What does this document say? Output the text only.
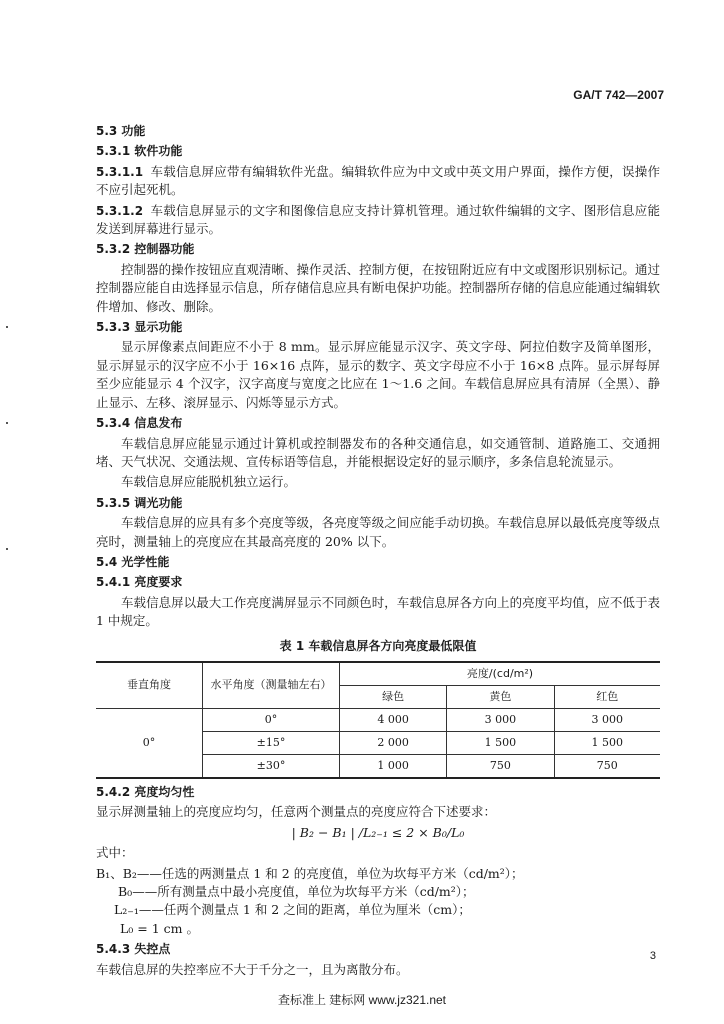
GA/T 742—2007
5.3 功能
5.3.1 软件功能

5.3.1.1 车载信息屏应带有编辑软件光盘。编辑软件应为中文或中英文用户界面，操作方便，误操作不应引起死机。

5.3.1.2 车载信息屏显示的文字和图像信息应支持计算机管理。通过软件编辑的文字、图形信息应能发送到屏幕进行显示。

5.3.2 控制器功能

控制器的操作按钮应直观清晰、操作灵活、控制方便，在按钮附近应有中文或图形识别标记。通过控制器应能自由选择显示信息，所存储信息应具有断电保护功能。控制器所存储的信息应能通过编辑软件增加、修改、删除。

5.3.3 显示功能

显示屏像素点间距应不小于 8 mm。显示屏应能显示汉字、英文字母、阿拉伯数字及简单图形，显示屏显示的汉字应不小于 16×16 点阵，显示的数字、英文字母应不小于 16×8 点阵。显示屏每屏至少应能显示 4 个汉字，汉字高度与宽度之比应在 1～1.6 之间。车载信息屏应具有清屏（全黑）、静止显示、左移、滚屏显示、闪烁等显示方式。

5.3.4 信息发布

车载信息屏应能显示通过计算机或控制器发布的各种交通信息，如交通管制、道路施工、交通拥堵、天气状况、交通法规、宣传标语等信息，并能根据设定好的显示顺序，多条信息轮流显示。

车载信息屏应能脱机独立运行。

5.3.5 调光功能

车载信息屏的应具有多个亮度等级，各亮度等级之间应能手动切换。车载信息屏以最低亮度等级点亮时，测量轴上的亮度应在其最高亮度的 20% 以下。

5.4 光学性能
5.4.1 亮度要求

车载信息屏以最大工作亮度满屏显示不同颜色时，车载信息屏各方向上的亮度平均值，应不低于表 1 中规定。

表 1 车载信息屏各方向亮度最低限值
垂直角度	水平角度（测量轴左右）	亮度/(cd/m²)		
		绿色	黄色	红色
0°	0°	4 000	3 000	3 000
	±15°	2 000	1 500	1 500
	±30°	1 000	750	750
5.4.2 亮度均匀性

显示屏测量轴上的亮度应均匀，任意两个测量点的亮度应符合下述要求：

| B₂ − B₁ | /L₂₋₁ ≤ 2 × B₀/L₀

式中：

B₁、B₂——任选的两测量点 1 和 2 的亮度值，单位为坎每平方米（cd/m²）；

B₀——所有测量点中最小亮度值，单位为坎每平方米（cd/m²）；

L₂₋₁——任两个测量点 1 和 2 之间的距离，单位为厘米（cm）；

L₀ = 1 cm 。

5.4.3 失控点

车载信息屏的失控率应不大于千分之一，且为离散分布。

3
查标准上 建标网 www.jz321.net
